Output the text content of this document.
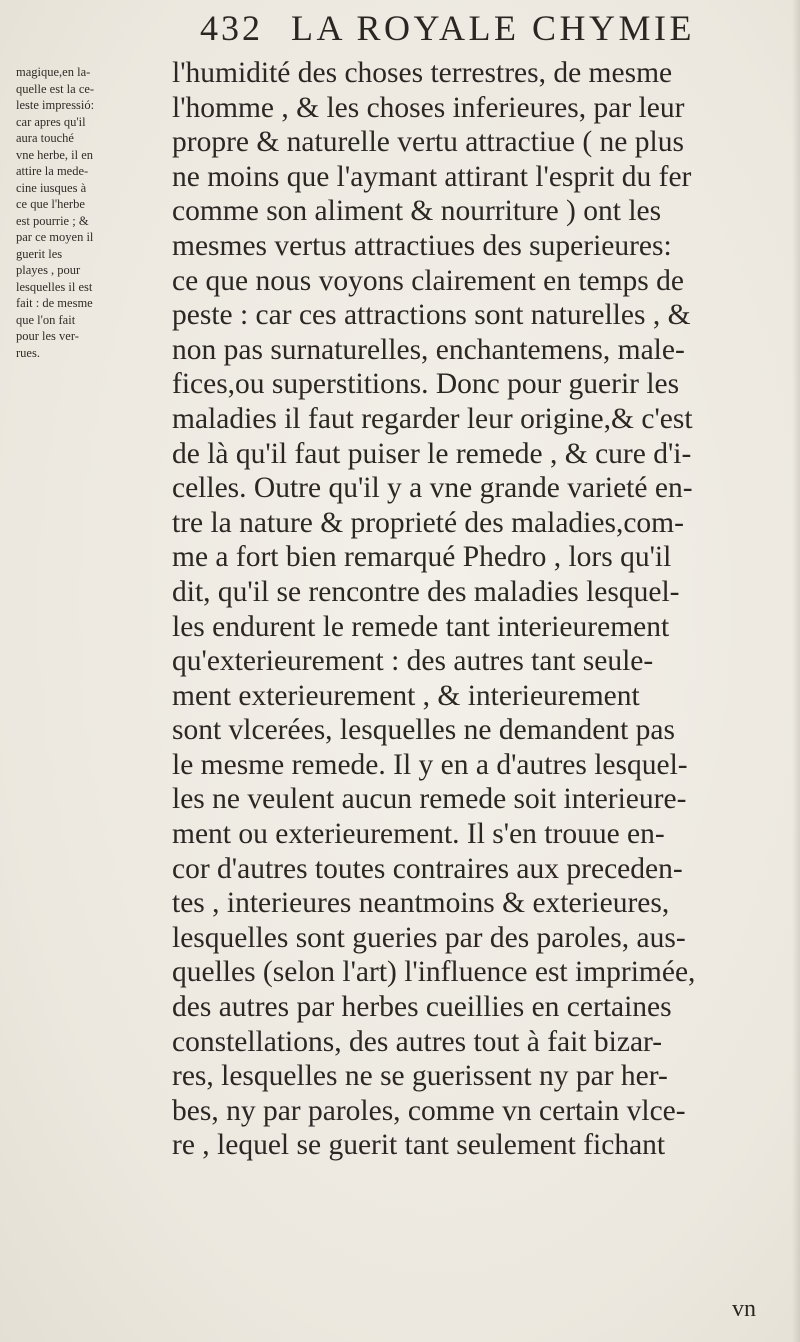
432 LA ROYALE CHYMIE
magique,en la-
quelle est la ce-
leste impressió:
car apres qu'il
aura touché
vne herbe, il en
attire la mede-
cine iusques à
ce que l'herbe
est pourrie ; &
par ce moyen il
guerit les
playes , pour
lesquelles il est
fait : de mesme
que l'on fait
pour les ver-
rues.
l'humidité des choses terrestres, de mesme
l'homme , & les choses inferieures, par leur
propre & naturelle vertu attractiue ( ne plus
ne moins que l'aymant attirant l'esprit du fer
comme son aliment & nourriture ) ont les
mesmes vertus attractiues des superieures:
ce que nous voyons clairement en temps de
peste : car ces attractions sont naturelles , &
non pas surnaturelles, enchantemens, male-
fices,ou superstitions. Donc pour guerir les
maladies il faut regarder leur origine,& c'est
de là qu'il faut puiser le remede , & cure d'i-
celles. Outre qu'il y a vne grande varieté en-
tre la nature & proprieté des maladies,com-
me a fort bien remarqué Phedro , lors qu'il
dit, qu'il se rencontre des maladies lesquel-
les endurent le remede tant interieurement
qu'exterieurement : des autres tant seule-
ment exterieurement , & interieurement
sont vlcerées, lesquelles ne demandent pas
le mesme remede. Il y en a d'autres lesquel-
les ne veulent aucun remede soit interieure-
ment ou exterieurement. Il s'en trouue en-
cor d'autres toutes contraires aux preceden-
tes , interieures neantmoins & exterieures,
lesquelles sont gueries par des paroles, aus-
quelles (selon l'art) l'influence est imprimée,
des autres par herbes cueillies en certaines
constellations, des autres tout à fait bizar-
res, lesquelles ne se guerissent ny par her-
bes, ny par paroles, comme vn certain vlce-
re , lequel se guerit tant seulement fichant
vn
